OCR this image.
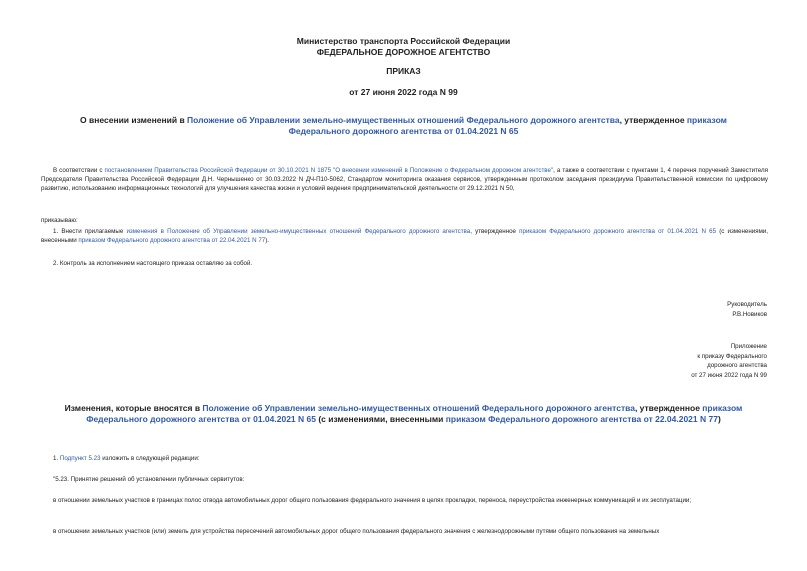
Министерство транспорта Российской Федерации
ФЕДЕРАЛЬНОЕ ДОРОЖНОЕ АГЕНТСТВО
ПРИКАЗ
от 27 июня 2022 года N 99
О внесении изменений в Положение об Управлении земельно-имущественных отношений Федерального дорожного агентства, утвержденное приказом Федерального дорожного агентства от 01.04.2021 N 65
В соответствии с постановлением Правительства Российской Федерации от 30.10.2021 N 1875 "О внесении изменений в Положение о Федеральном дорожном агентстве", а также в соответствии с пунктами 1, 4 перечня поручений Заместителя Председателя Правительства Российской Федерации Д.Н. Чернышенко от 30.03.2022 N ДЧ-П10-5062, Стандартом мониторинга оказания сервисов, утвержденным протоколом заседания президиума Правительственной комиссии по цифровому развитию, использованию информационных технологий для улучшения качества жизни и условий ведения предпринимательской деятельности от 29.12.2021 N 50,
приказываю:
1. Внести прилагаемые изменения в Положение об Управлении земельно-имущественных отношений Федерального дорожного агентства, утвержденное приказом Федерального дорожного агентства от 01.04.2021 N 65 (с изменениями, внесенными приказом Федерального дорожного агентства от 22.04.2021 N 77).
2. Контроль за исполнением настоящего приказа оставляю за собой.
Руководитель
Р.В.Новиков
Приложение
к приказу Федерального
дорожного агентства
от 27 июня 2022 года N 99
Изменения, которые вносятся в Положение об Управлении земельно-имущественных отношений Федерального дорожного агентства, утвержденное приказом Федерального дорожного агентства от 01.04.2021 N 65 (с изменениями, внесенными приказом Федерального дорожного агентства от 22.04.2021 N 77)
1. Подпункт 5.23 изложить в следующей редакции:
"5.23. Принятие решений об установлении публичных сервитутов:
в отношении земельных участков в границах полос отвода автомобильных дорог общего пользования федерального значения в целях прокладки, переноса, переустройства инженерных коммуникаций и их эксплуатации;
в отношении земельных участков (или) земель для устройства пересечений автомобильных дорог общего пользования федерального значения с железнодорожными путями общего пользования на земельных
